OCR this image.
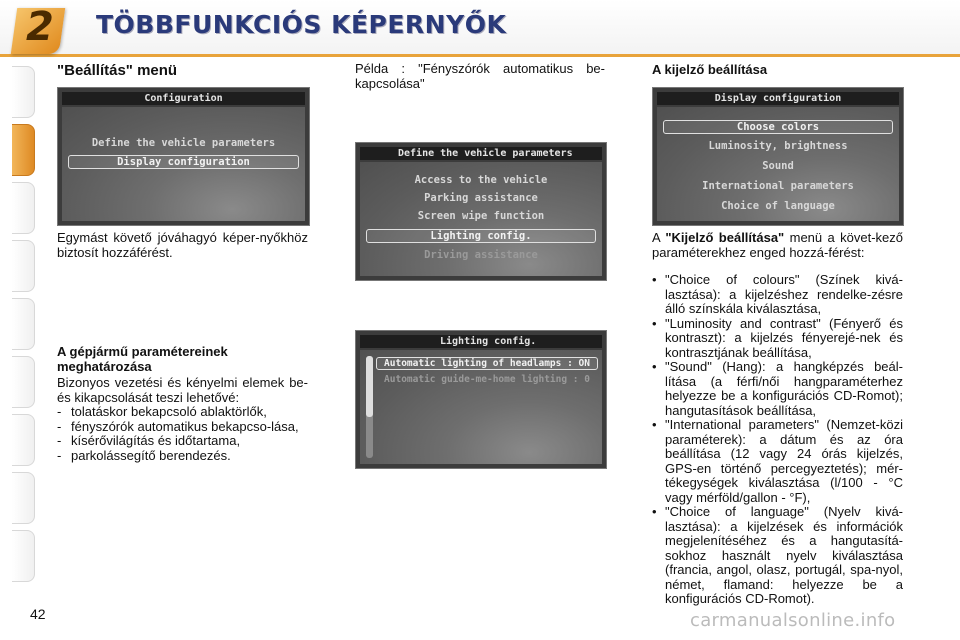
2 TÖBBFUNKCIÓS KÉPERNYŐK
"Beállítás" menü
Configuration
Define the vehicle parameters
Display configuration
Egymást követő jóváhagyó képer-nyőkhöz biztosít hozzáférést.
A gépjármű paramétereinek meghatározása
Bizonyos vezetési és kényelmi elemek be- és kikapcsolását teszi lehetővé:
- tolatáskor bekapcsoló ablaktörlők,
- fényszórók automatikus bekapcso-lása,
- kísérővilágítás és időtartama,
- parkolássegítő berendezés.
Példa : "Fényszórók automatikus be-kapcsolása"
Define the vehicle parameters
Access to the vehicle
Parking assistance
Screen wipe function
Lighting config.
Driving assistance
Lighting config.
Automatic lighting of headlamps : ON
Automatic guide-me-home lighting : 0
A kijelző beállítása
Display configuration
Choose colors
Luminosity, brightness
Sound
International parameters
Choice of language
A "Kijelző beállítása" menü a követ-kező paraméterekhez enged hozzá-férést:
• "Choice of colours" (Színek kivá-lasztása): a kijelzéshez rendelke-zésre álló színskála kiválasztása,
• "Luminosity and contrast" (Fényerő és kontraszt): a kijelzés fényerejé-nek és kontrasztjának beállítása,
• "Sound" (Hang): a hangképzés beál-lítása (a férfi/női hangparaméterhez helyezze be a konfigurációs CD-Romot); hangutasítások beállítása,
• "International parameters" (Nemzet-közi paraméterek): a dátum és az óra beállítása (12 vagy 24 órás kijelzés, GPS-en történő percegyeztetés); mér-tékegységek kiválasztása (l/100 - °C vagy mérföld/gallon - °F),
• "Choice of language" (Nyelv kivá-lasztása): a kijelzések és információk megjelenítéséhez és a hangutasítá-sokhoz használt nyelv kiválasztása (francia, angol, olasz, portugál, spa-nyol, német, flamand: helyezze be a konfigurációs CD-Romot).
42	carmanualsonline.info
